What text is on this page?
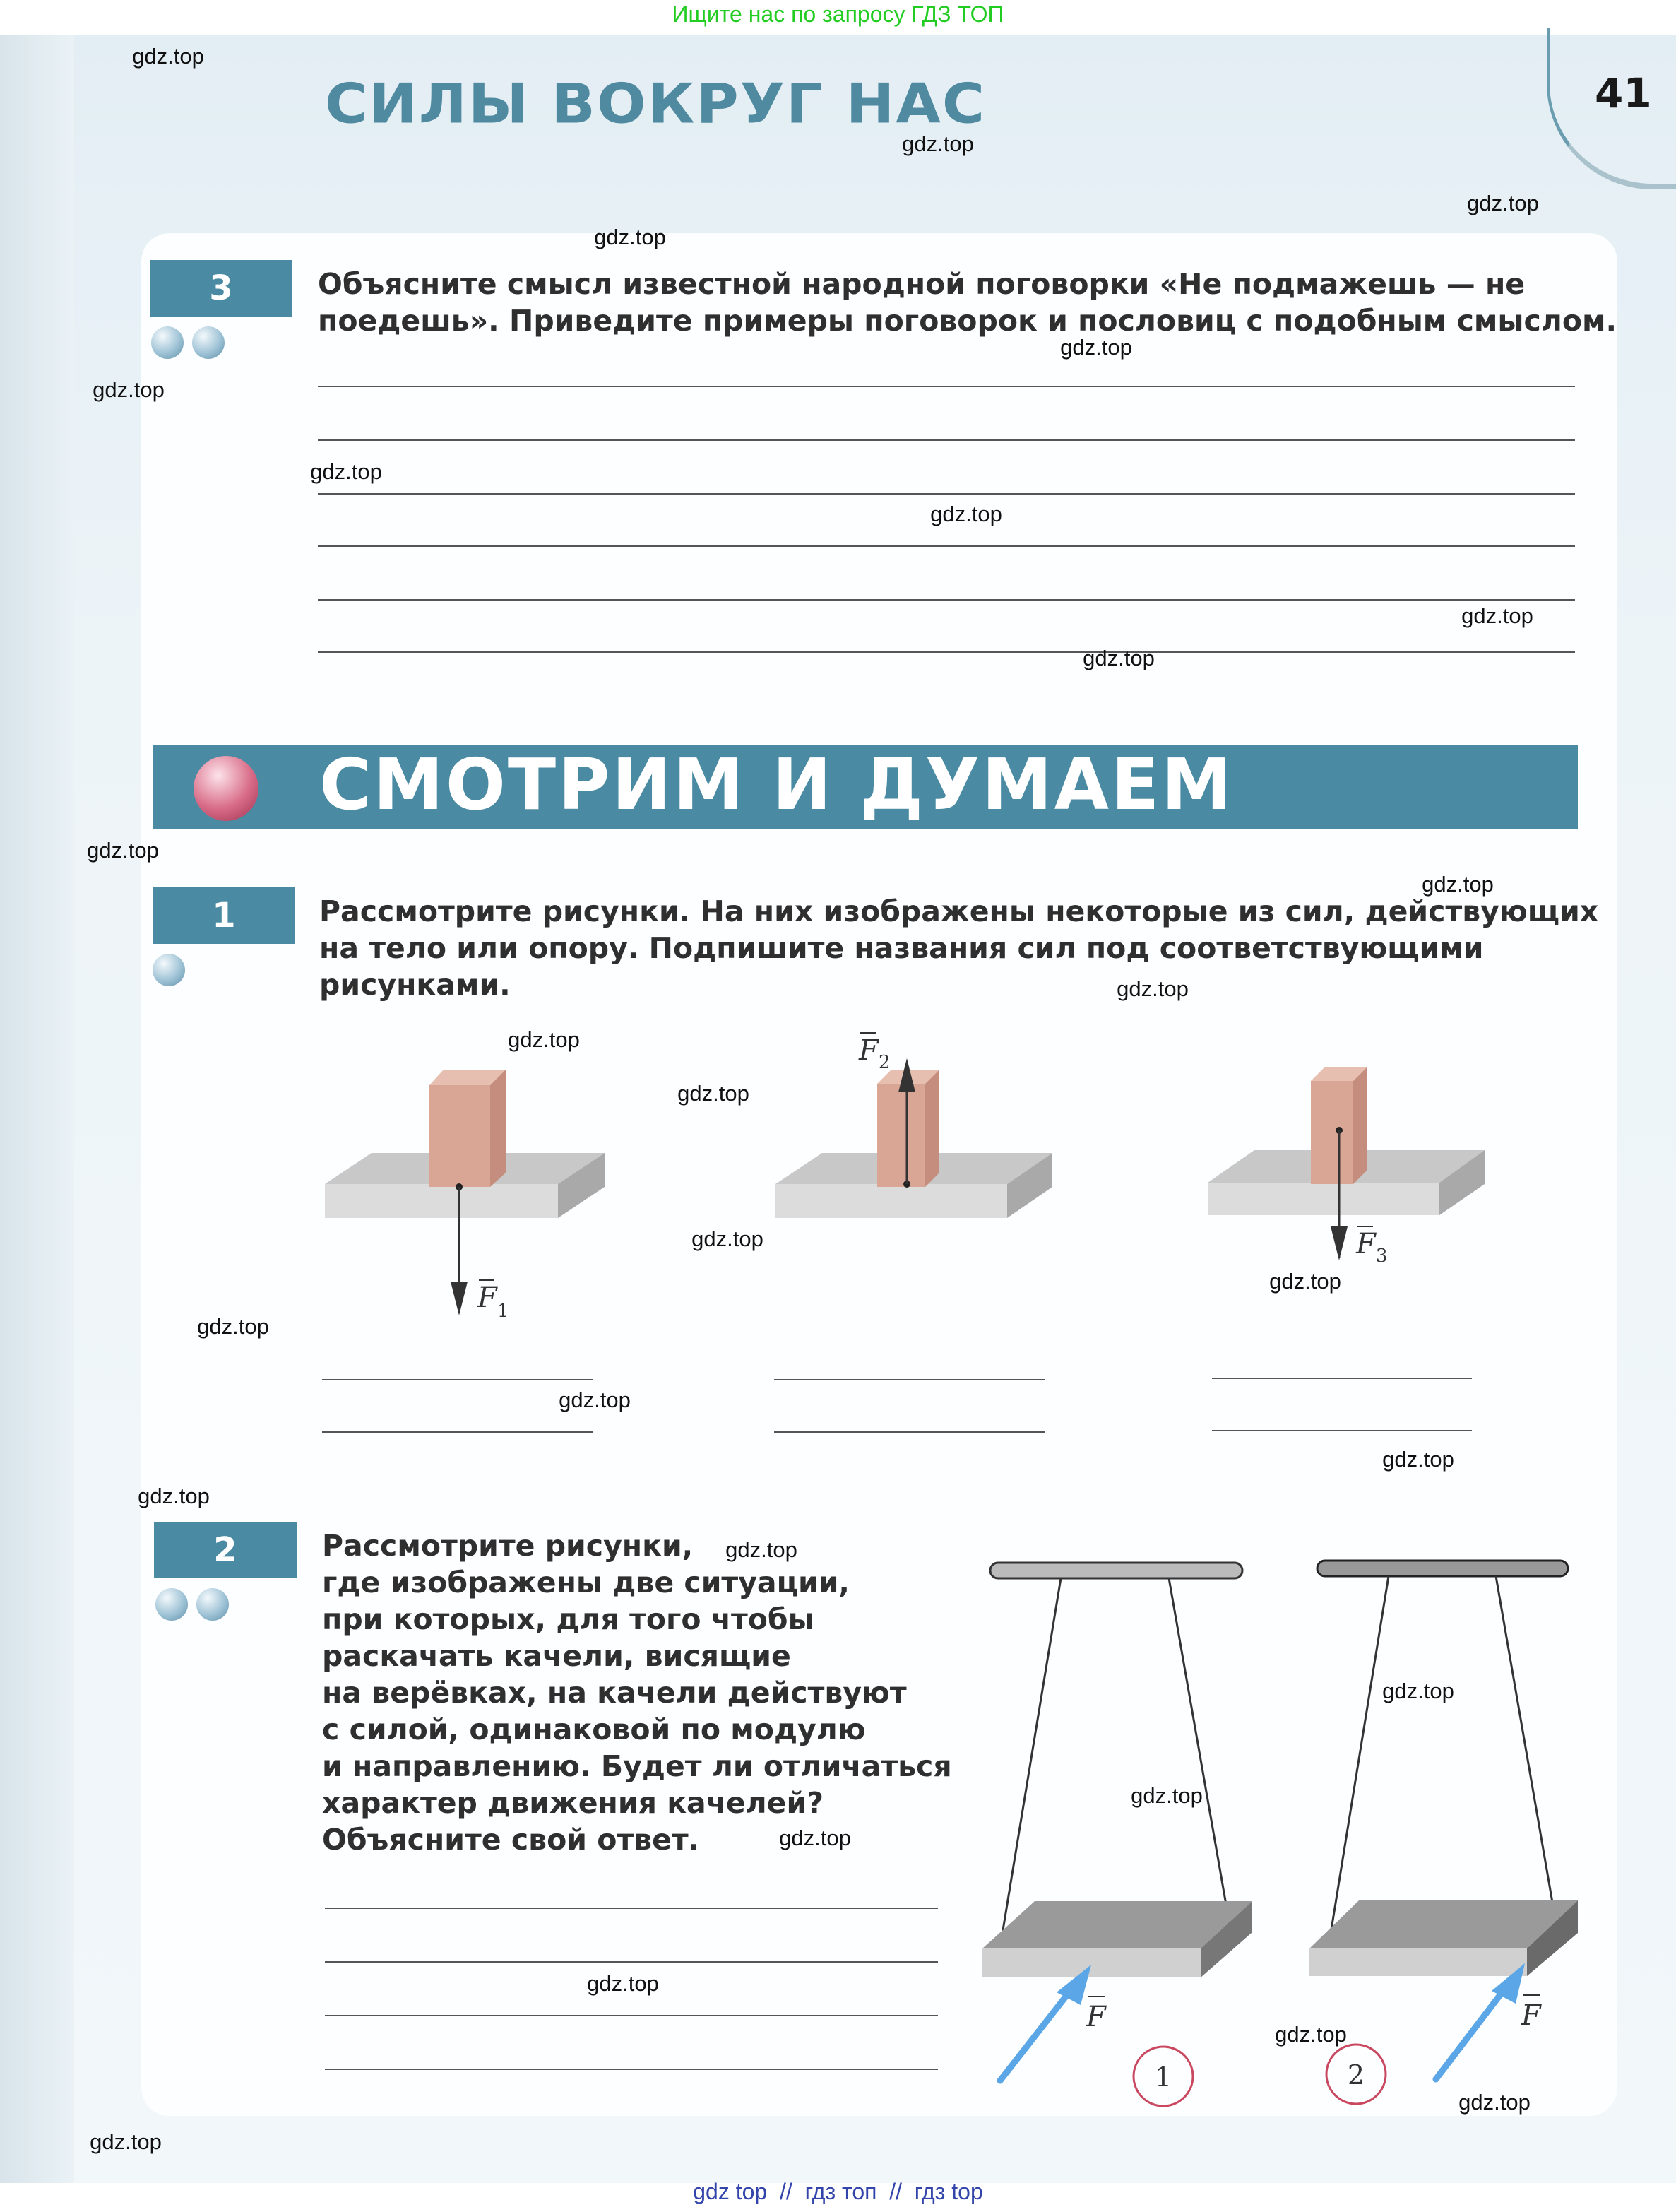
Ищите нас по запросу ГДЗ ТОП
СИЛЫ ВОКРУГ НАС	41
3	Объясните смысл известной народной поговорки «Не подмажешь — не
поедешь». Приведите примеры поговорок и пословиц с подобным смыслом.
СМОТРИМ И ДУМАЕМ
1	Рассмотрите рисунки. На них изображены некоторые из сил, действующих
на тело или опору. Подпишите названия сил под соответствующими
рисунками.
2	Рассмотрите рисунки,
где изображены две ситуации,
при которых, для того чтобы
раскачать качели, висящие
на верёвках, на качели действуют
с силой, одинаковой по модулю
и направлению. Будет ли отличаться
характер движения качелей?
Объясните свой ответ.
F 1
F 2
F 3
F
1
F
2
gdz.top
gdz.top
gdz.top
gdz.top
gdz.top
gdz.top
gdz.top
gdz.top
gdz.top
gdz.top
gdz.top
gdz.top
gdz.top
gdz.top
gdz.top
gdz.top
gdz.top
gdz.top
gdz.top
gdz.top
gdz.top
gdz.top
gdz.top
gdz.top
gdz.top
gdz.top
gdz.top
gdz.top
gdz.top
gdz top  //  гдз топ  //  гдз top
